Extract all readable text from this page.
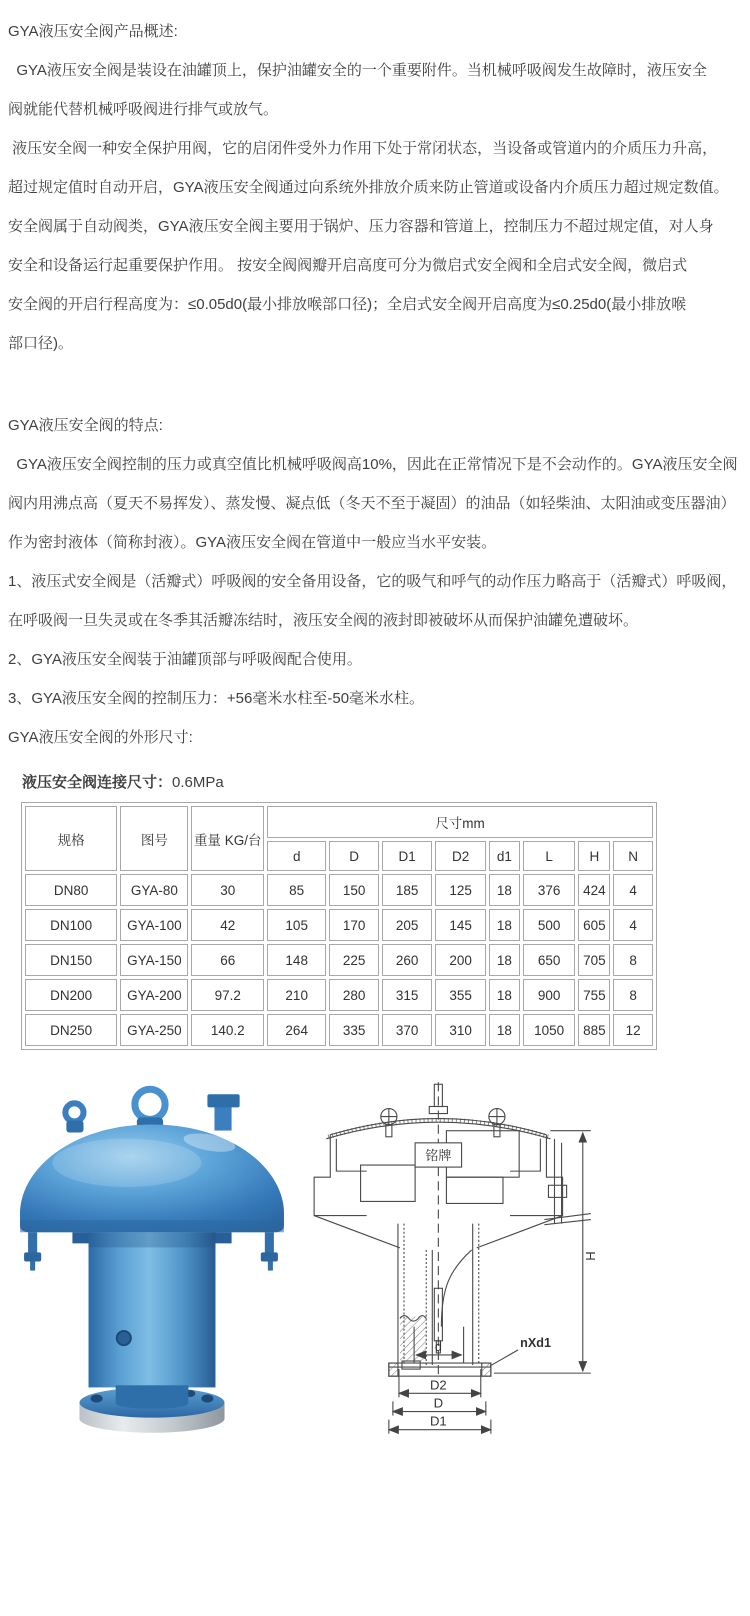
GYA液压安全阀产品概述:

GYA液压安全阀是装设在油罐顶上，保护油罐安全的一个重要附件。当机械呼吸阀发生故障时，液压安全

阀就能代替机械呼吸阀进行排气或放气。

液压安全阀一种安全保护用阀，它的启闭件受外力作用下处于常闭状态，当设备或管道内的介质压力升高，

超过规定值时自动开启，GYA液压安全阀通过向系统外排放介质来防止管道或设备内介质压力超过规定数值。

安全阀属于自动阀类，GYA液压安全阀主要用于锅炉、压力容器和管道上，控制压力不超过规定值，对人身

安全和设备运行起重要保护作用。 按安全阀阀瓣开启高度可分为微启式安全阀和全启式安全阀，微启式

安全阀的开启行程高度为：≤0.05d0(最小排放喉部口径)；全启式安全阀开启高度为≤0.25d0(最小排放喉

部口径)。

GYA液压安全阀的特点:

GYA液压安全阀控制的压力或真空值比机械呼吸阀高10%，因此在正常情况下是不会动作的。GYA液压安全阀

阀内用沸点高（夏天不易挥发）、蒸发慢、凝点低（冬天不至于凝固）的油品（如轻柴油、太阳油或变压器油）

作为密封液体（简称封液）。GYA液压安全阀在管道中一般应当水平安装。

1、液压式安全阀是（活瓣式）呼吸阀的安全备用设备，它的吸气和呼气的动作压力略高于（活瓣式）呼吸阀，

在呼吸阀一旦失灵或在冬季其活瓣冻结时，液压安全阀的液封即被破坏从而保护油罐免遭破坏。

2、GYA液压安全阀装于油罐顶部与呼吸阀配合使用。

3、GYA液压安全阀的控制压力：+56毫米水柱至-50毫米水柱。

GYA液压安全阀的外形尺寸:

液压安全阀连接尺寸：0.6MPa
规格	图号	重量 KG/台	尺寸mm							
			d	D	D1	D2	d1	L	H	N
DN80	GYA-80	30	85	150	185	125	18	376	424	4
DN100	GYA-100	42	105	170	205	145	18	500	605	4
DN150	GYA-150	66	148	225	260	200	18	650	705	8
DN200	GYA-200	97.2	210	280	315	355	18	900	755	8
DN250	GYA-250	140.2	264	335	370	310	18	1050	885	12
铭牌
d
H
D2
D
D1
nXd1
